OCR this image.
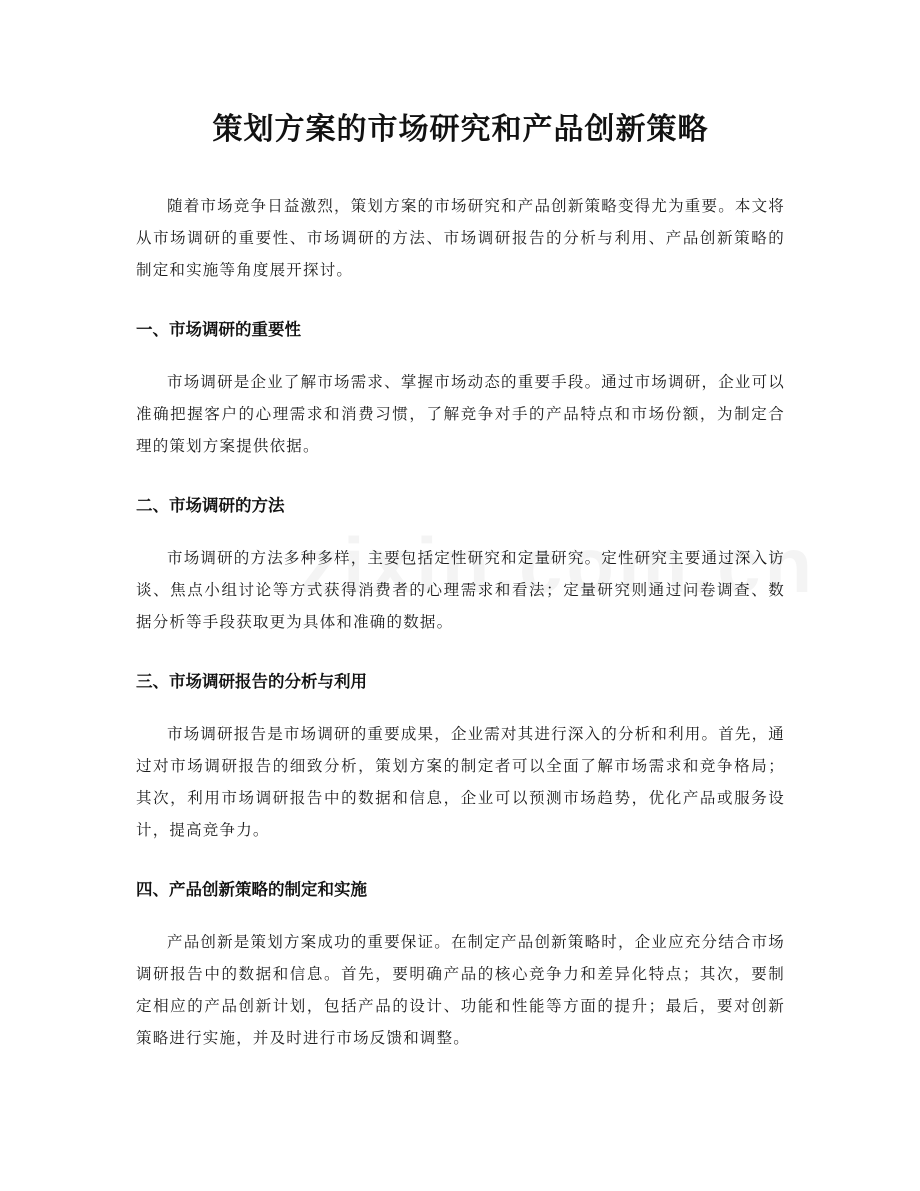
策划方案的市场研究和产品创新策略

随着市场竞争日益激烈，策划方案的市场研究和产品创新策略变得尤为重要。本文将从市场调研的重要性、市场调研的方法、市场调研报告的分析与利用、产品创新策略的制定和实施等角度展开探讨。

一、市场调研的重要性

市场调研是企业了解市场需求、掌握市场动态的重要手段。通过市场调研，企业可以准确把握客户的心理需求和消费习惯，了解竞争对手的产品特点和市场份额，为制定合理的策划方案提供依据。

二、市场调研的方法

市场调研的方法多种多样，主要包括定性研究和定量研究。定性研究主要通过深入访谈、焦点小组讨论等方式获得消费者的心理需求和看法；定量研究则通过问卷调查、数据分析等手段获取更为具体和准确的数据。

三、市场调研报告的分析与利用

市场调研报告是市场调研的重要成果，企业需对其进行深入的分析和利用。首先，通过对市场调研报告的细致分析，策划方案的制定者可以全面了解市场需求和竞争格局；其次，利用市场调研报告中的数据和信息，企业可以预测市场趋势，优化产品或服务设计，提高竞争力。

四、产品创新策略的制定和实施

产品创新是策划方案成功的重要保证。在制定产品创新策略时，企业应充分结合市场调研报告中的数据和信息。首先，要明确产品的核心竞争力和差异化特点；其次，要制定相应的产品创新计划，包括产品的设计、功能和性能等方面的提升；最后，要对创新策略进行实施，并及时进行市场反馈和调整。
